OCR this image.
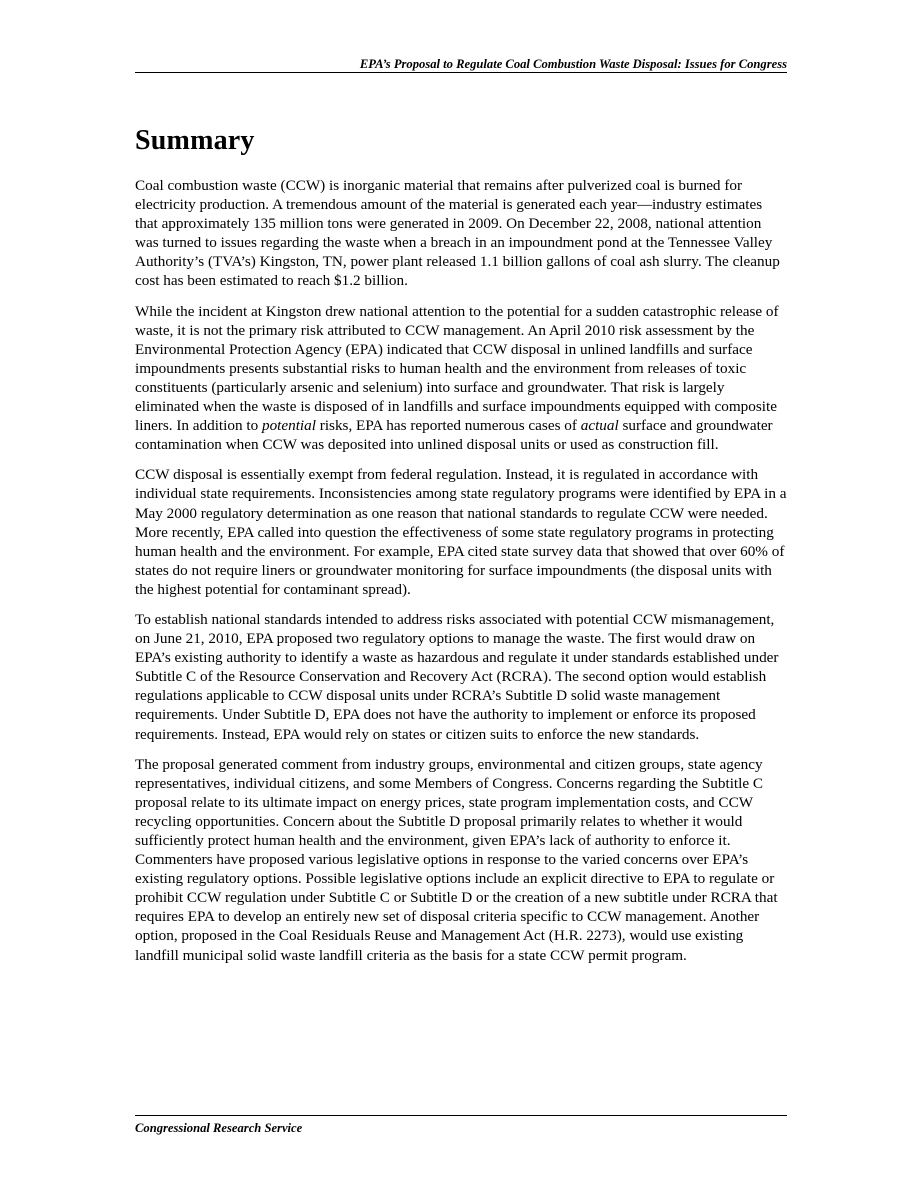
EPA’s Proposal to Regulate Coal Combustion Waste Disposal: Issues for Congress
Summary

Coal combustion waste (CCW) is inorganic material that remains after pulverized coal is burned for electricity production. A tremendous amount of the material is generated each year—industry estimates that approximately 135 million tons were generated in 2009. On December 22, 2008, national attention was turned to issues regarding the waste when a breach in an impoundment pond at the Tennessee Valley Authority’s (TVA’s) Kingston, TN, power plant released 1.1 billion gallons of coal ash slurry. The cleanup cost has been estimated to reach $1.2 billion.

While the incident at Kingston drew national attention to the potential for a sudden catastrophic release of waste, it is not the primary risk attributed to CCW management. An April 2010 risk assessment by the Environmental Protection Agency (EPA) indicated that CCW disposal in unlined landfills and surface impoundments presents substantial risks to human health and the environment from releases of toxic constituents (particularly arsenic and selenium) into surface and groundwater. That risk is largely eliminated when the waste is disposed of in landfills and surface impoundments equipped with composite liners. In addition to potential risks, EPA has reported numerous cases of actual surface and groundwater contamination when CCW was deposited into unlined disposal units or used as construction fill.

CCW disposal is essentially exempt from federal regulation. Instead, it is regulated in accordance with individual state requirements. Inconsistencies among state regulatory programs were identified by EPA in a May 2000 regulatory determination as one reason that national standards to regulate CCW were needed. More recently, EPA called into question the effectiveness of some state regulatory programs in protecting human health and the environment. For example, EPA cited state survey data that showed that over 60% of states do not require liners or groundwater monitoring for surface impoundments (the disposal units with the highest potential for contaminant spread).

To establish national standards intended to address risks associated with potential CCW mismanagement, on June 21, 2010, EPA proposed two regulatory options to manage the waste. The first would draw on EPA’s existing authority to identify a waste as hazardous and regulate it under standards established under Subtitle C of the Resource Conservation and Recovery Act (RCRA). The second option would establish regulations applicable to CCW disposal units under RCRA’s Subtitle D solid waste management requirements. Under Subtitle D, EPA does not have the authority to implement or enforce its proposed requirements. Instead, EPA would rely on states or citizen suits to enforce the new standards.

The proposal generated comment from industry groups, environmental and citizen groups, state agency representatives, individual citizens, and some Members of Congress. Concerns regarding the Subtitle C proposal relate to its ultimate impact on energy prices, state program implementation costs, and CCW recycling opportunities. Concern about the Subtitle D proposal primarily relates to whether it would sufficiently protect human health and the environment, given EPA’s lack of authority to enforce it. Commenters have proposed various legislative options in response to the varied concerns over EPA’s existing regulatory options. Possible legislative options include an explicit directive to EPA to regulate or prohibit CCW regulation under Subtitle C or Subtitle D or the creation of a new subtitle under RCRA that requires EPA to develop an entirely new set of disposal criteria specific to CCW management. Another option, proposed in the Coal Residuals Reuse and Management Act (H.R. 2273), would use existing landfill municipal solid waste landfill criteria as the basis for a state CCW permit program.

Congressional Research Service
